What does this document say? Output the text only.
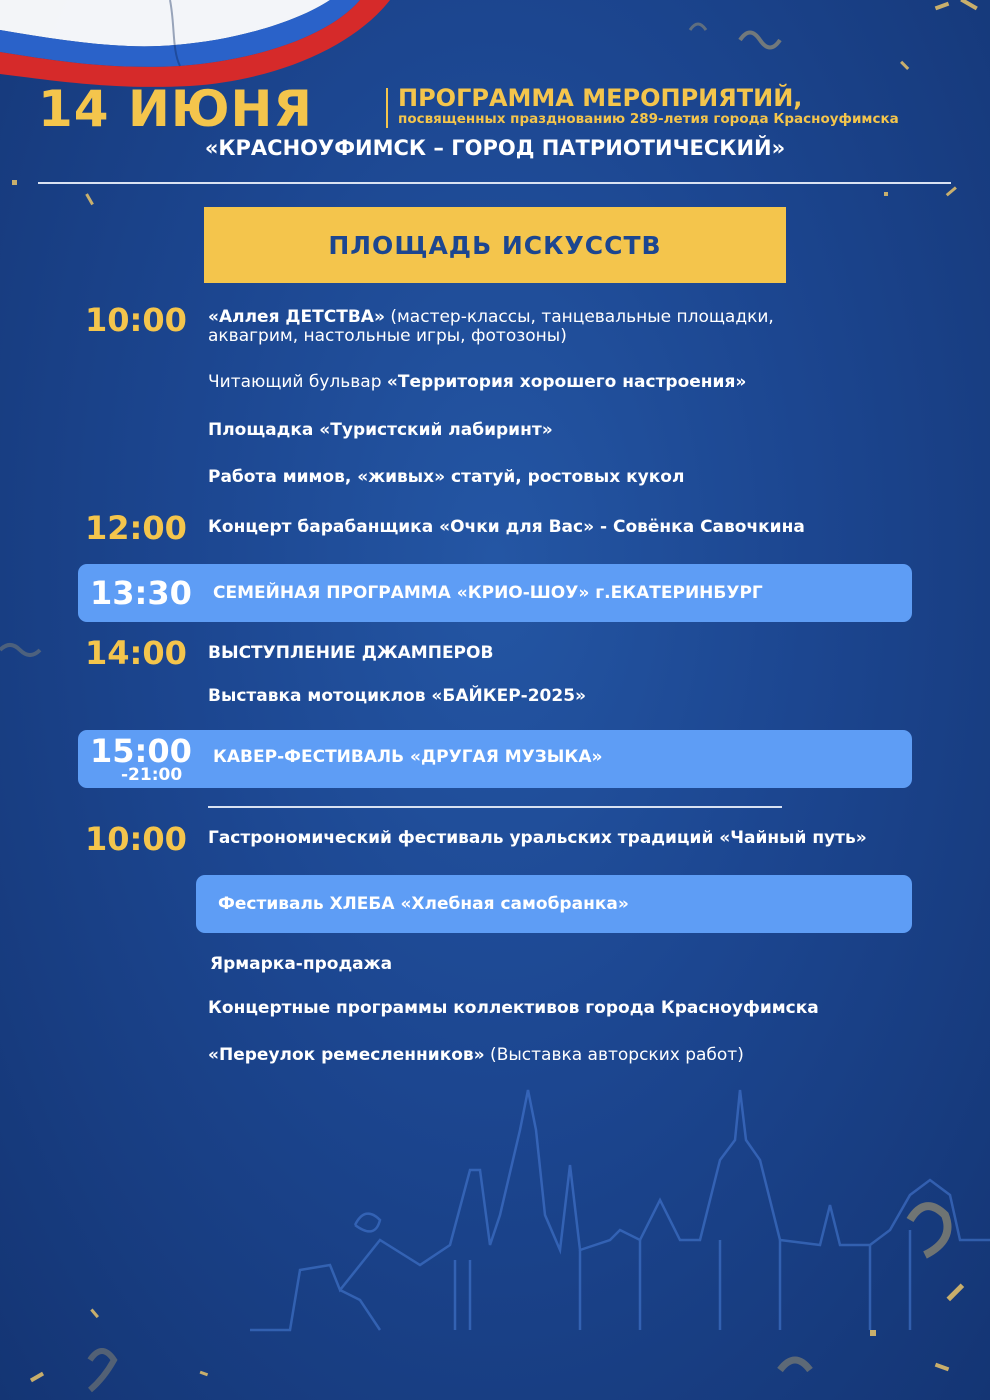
14 ИЮНЯ	ПРОГРАММА МЕРОПРИЯТИЙ,
посвященных празднованию 289-летия города Красноуфимска
«КРАСНОУФИМСК – ГОРОД ПАТРИОТИЧЕСКИЙ»
ПЛОЩАДЬ ИСКУССТВ
10:00 «Аллея ДЕТСТВА» (мастер-классы, танцевальные площадки,
аквагрим, настольные игры, фотозоны)
Читающий бульвар «Территория хорошего настроения»
Площадка «Туристский лабиринт»
Работа мимов, «живых» статуй, ростовых кукол
12:00 Концерт барабанщика «Очки для Вас» - Совёнка Савочкина
13:30 СЕМЕЙНАЯ ПРОГРАММА «КРИО-ШОУ» г.ЕКАТЕРИНБУРГ
14:00 ВЫСТУПЛЕНИЕ ДЖАМПЕРОВ
Выставка мотоциклов «БАЙКЕР-2025»
15:00
-21:00
КАВЕР-ФЕСТИВАЛЬ «ДРУГАЯ МУЗЫКА»
10:00 Гастрономический фестиваль уральских традиций «Чайный путь»
Фестиваль ХЛЕБА «Хлебная самобранка»
Ярмарка-продажа
Концертные программы коллективов города Красноуфимска
«Переулок ремесленников» (Выставка авторских работ)
